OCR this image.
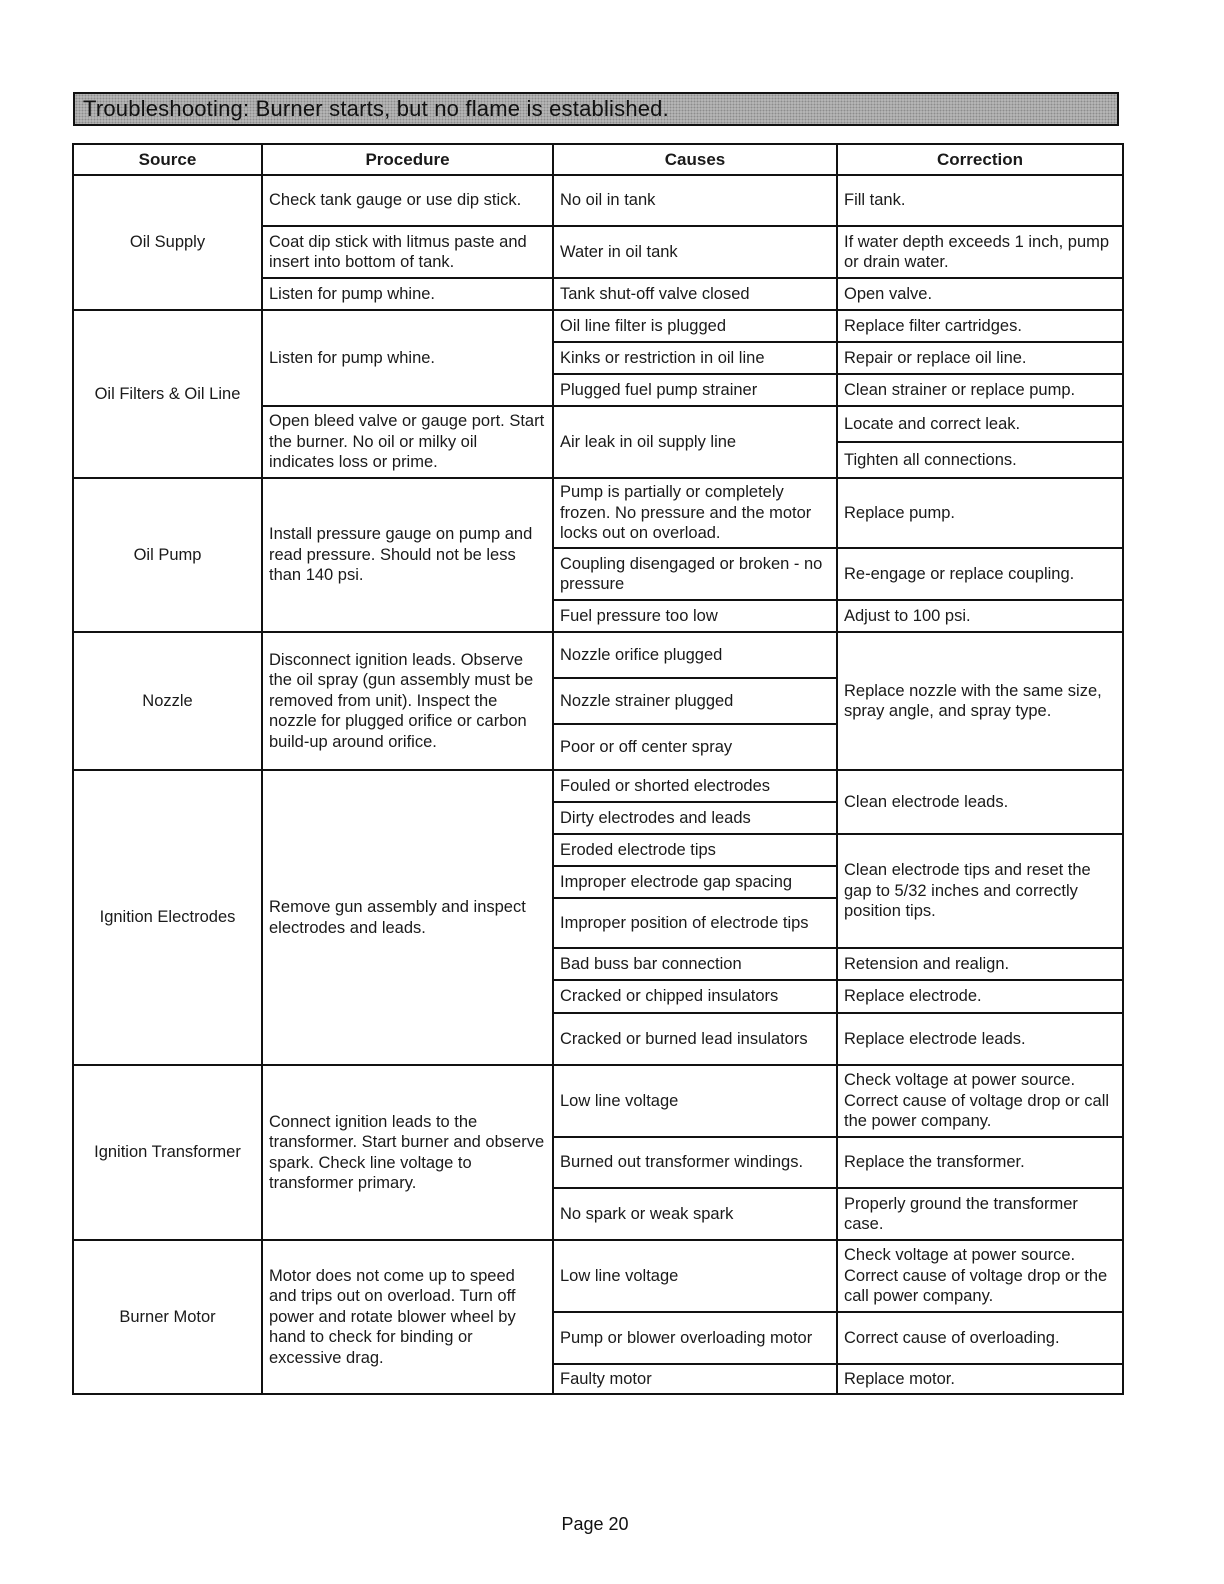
Troubleshooting: Burner starts, but no flame is established.
Source	Procedure	Causes	Correction
Oil Supply	Check tank gauge or use dip stick.	No oil in tank	Fill tank.
	Coat dip stick with litmus paste and insert into bottom of tank.	Water in oil tank	If water depth exceeds 1 inch, pump or drain water.
	Listen for pump whine.	Tank shut-off valve closed	Open valve.
Oil Filters & Oil Line	Listen for pump whine.	Oil line filter is plugged	Replace filter cartridges.
		Kinks or restriction in oil line	Repair or replace oil line.
		Plugged fuel pump strainer	Clean strainer or replace pump.
	Open bleed valve or gauge port. Start the burner. No oil or milky oil indicates loss or prime.	Air leak in oil supply line	Locate and correct leak.
			Tighten all connections.
Oil Pump	Install pressure gauge on pump and read pressure. Should not be less than 140 psi.	Pump is partially or completely frozen. No pressure and the motor locks out on overload.	Replace pump.
		Coupling disengaged or broken - no pressure	Re-engage or replace coupling.
		Fuel pressure too low	Adjust to 100 psi.
Nozzle	Disconnect ignition leads. Observe the oil spray (gun assembly must be removed from unit). Inspect the nozzle for plugged orifice or carbon build-up around orifice.	Nozzle orifice plugged	Replace nozzle with the same size, spray angle, and spray type.
		Nozzle strainer plugged	
		Poor or off center spray	
Ignition Electrodes	Remove gun assembly and inspect electrodes and leads.	Fouled or shorted electrodes	Clean electrode leads.
		Dirty electrodes and leads	
		Eroded electrode tips	Clean electrode tips and reset the gap to 5/32 inches and correctly position tips.
		Improper electrode gap spacing	
		Improper position of electrode tips	
		Bad buss bar connection	Retension and realign.
		Cracked or chipped insulators	Replace electrode.
		Cracked or burned lead insulators	Replace electrode leads.
Ignition Transformer	Connect ignition leads to the transformer. Start burner and observe spark. Check line voltage to transformer primary.	Low line voltage	Check voltage at power source. Correct cause of voltage drop or call the power company.
		Burned out transformer windings.	Replace the transformer.
		No spark or weak spark	Properly ground the transformer case.
Burner Motor	Motor does not come up to speed and trips out on overload. Turn off power and rotate blower wheel by hand to check for binding or excessive drag.	Low line voltage	Check voltage at power source. Correct cause of voltage drop or the call power company.
		Pump or blower overloading motor	Correct cause of overloading.
		Faulty motor	Replace motor.
Page 20
